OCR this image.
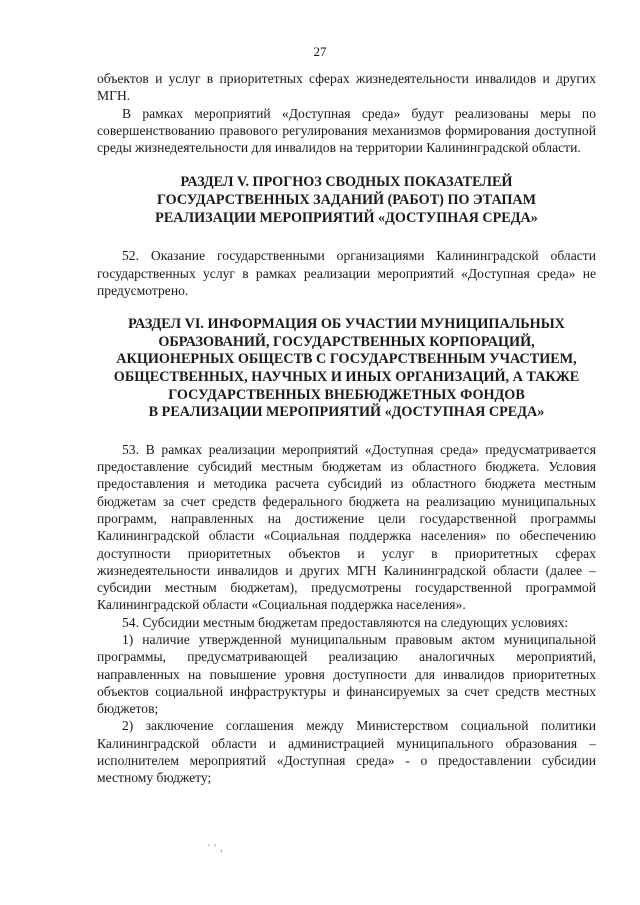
27

объектов и услуг в приоритетных сферах жизнедеятельности инвалидов и других МГН.

В рамках мероприятий «Доступная среда» будут реализованы меры по совершенствованию правового регулирования механизмов формирования доступной среды жизнедеятельности для инвалидов на территории Калининградской области.

РАЗДЕЛ V. ПРОГНОЗ СВОДНЫХ ПОКАЗАТЕЛЕЙ
ГОСУДАРСТВЕННЫХ ЗАДАНИЙ (РАБОТ) ПО ЭТАПАМ
РЕАЛИЗАЦИИ МЕРОПРИЯТИЙ «ДОСТУПНАЯ СРЕДА»

52. Оказание государственными организациями Калининградской области государственных услуг в рамках реализации мероприятий «Доступная среда» не предусмотрено.

РАЗДЕЛ VI. ИНФОРМАЦИЯ ОБ УЧАСТИИ МУНИЦИПАЛЬНЫХ
ОБРАЗОВАНИЙ, ГОСУДАРСТВЕННЫХ КОРПОРАЦИЙ,
АКЦИОНЕРНЫХ ОБЩЕСТВ С ГОСУДАРСТВЕННЫМ УЧАСТИЕМ,
ОБЩЕСТВЕННЫХ, НАУЧНЫХ И ИНЫХ ОРГАНИЗАЦИЙ, А ТАКЖЕ
ГОСУДАРСТВЕННЫХ ВНЕБЮДЖЕТНЫХ ФОНДОВ
В РЕАЛИЗАЦИИ МЕРОПРИЯТИЙ «ДОСТУПНАЯ СРЕДА»

53. В рамках реализации мероприятий «Доступная среда» предусматривается предоставление субсидий местным бюджетам из областного бюджета. Условия предоставления и методика расчета субсидий из областного бюджета местным бюджетам за счет средств федерального бюджета на реализацию муниципальных программ, направленных на достижение цели государственной программы Калининградской области «Социальная поддержка населения» по обеспечению доступности приоритетных объектов и услуг в приоритетных сферах жизнедеятельности инвалидов и других МГН Калининградской области (далее – субсидии местным бюджетам), предусмотрены государственной программой Калининградской области «Социальная поддержка населения».

54. Субсидии местным бюджетам предоставляются на следующих условиях:

1) наличие утвержденной муниципальным правовым актом муниципальной программы, предусматривающей реализацию аналогичных мероприятий, направленных на повышение уровня доступности для инвалидов приоритетных объектов социальной инфраструктуры и финансируемых за счет средств местных бюджетов;

2) заключение соглашения между Министерством социальной политики Калининградской области и администрацией муниципального образования – исполнителем мероприятий «Доступная среда» - о предоставлении субсидии местному бюджету;

` ' ,
